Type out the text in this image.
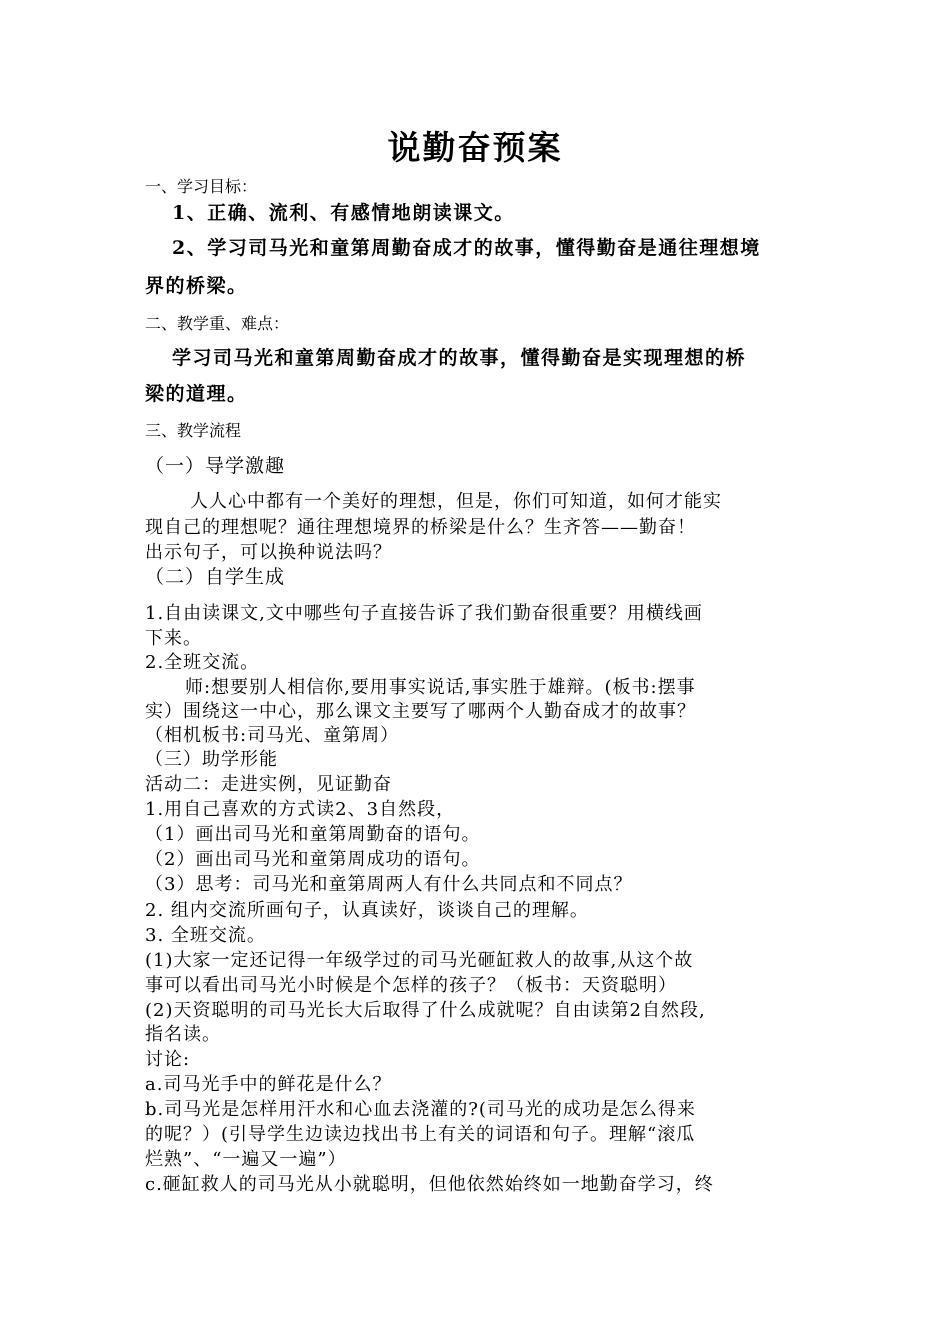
说勤奋预案
一、学习目标：
1、正确、流利、有感情地朗读课文。
2、学习司马光和童第周勤奋成才的故事，懂得勤奋是通往理想境
界的桥梁。
二、教学重、难点：
学习司马光和童第周勤奋成才的故事，懂得勤奋是实现理想的桥
梁的道理。
三、教学流程
（一）导学激趣
人人心中都有一个美好的理想，但是，你们可知道，如何才能实
现自己的理想呢？通往理想境界的桥梁是什么？生齐答——勤奋！
出示句子，可以换种说法吗？
（二）自学生成
1.自由读课文,文中哪些句子直接告诉了我们勤奋很重要？用横线画
下来。
2.全班交流。
师:想要别人相信你,要用事实说话,事实胜于雄辩。(板书:摆事
实）围绕这一中心，那么课文主要写了哪两个人勤奋成才的故事？
（相机板书:司马光、童第周）
（三）助学形能
活动二：走进实例，见证勤奋
1.用自己喜欢的方式读2、3自然段，
（1）画出司马光和童第周勤奋的语句。
（2）画出司马光和童第周成功的语句。
（3）思考：司马光和童第周两人有什么共同点和不同点？
2. 组内交流所画句子，认真读好，谈谈自己的理解。
3. 全班交流。
(1)大家一定还记得一年级学过的司马光砸缸救人的故事,从这个故
事可以看出司马光小时候是个怎样的孩子？（板书：天资聪明）
(2)天资聪明的司马光长大后取得了什么成就呢？自由读第2自然段,
指名读。
讨论:
a.司马光手中的鲜花是什么？
b.司马光是怎样用汗水和心血去浇灌的?(司马光的成功是怎么得来
的呢？）(引导学生边读边找出书上有关的词语和句子。理解“滚瓜
烂熟”、“一遍又一遍”）
c.砸缸救人的司马光从小就聪明，但他依然始终如一地勤奋学习，终
